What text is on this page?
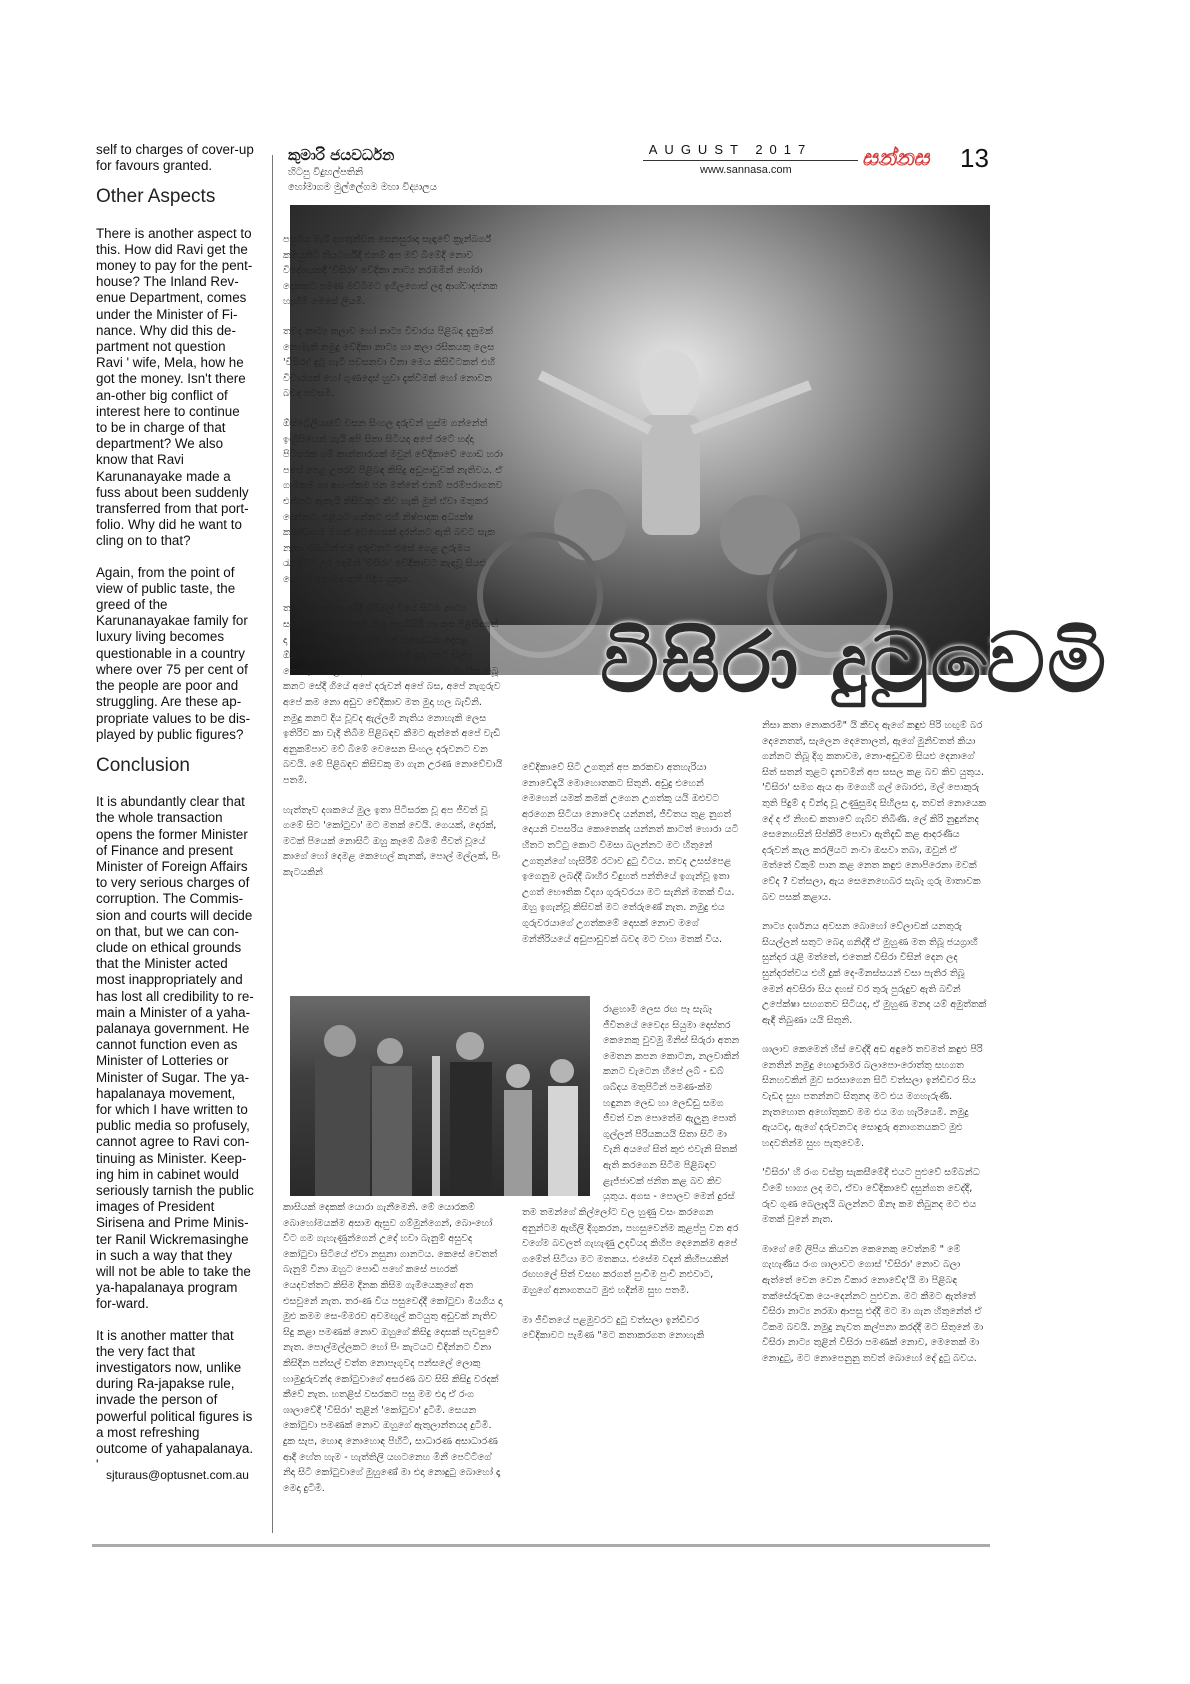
AUGUST 2017
www.sannasa.com	සන්නස 13

self to charges of cover-up for favours granted.

Other Aspects

There is another aspect to this. How did Ravi get the money to pay for the pent-house? The Inland Rev-enue Department, comes under the Minister of Fi-nance. Why did this de-partment not question Ravi ' wife, Mela, how he got the money. Isn't there an-other big conflict of interest here to continue to be in charge of that department? We also know that Ravi Karunanayake made a fuss about been suddenly transferred from that port-folio. Why did he want to cling on to that?

Again, from the point of view of public taste, the greed of the Karunanayakae family for luxury living becomes questionable in a country where over 75 per cent of the people are poor and struggling. Are these ap-propriate values to be dis-played by public figures?

Conclusion

It is abundantly clear that the whole transaction opens the former Minister of Finance and present Minister of Foreign Affairs to very serious charges of corruption. The Commis-sion and courts will decide on that, but we can con-clude on ethical grounds that the Minister acted most inappropriately and has lost all credibility to re-main a Minister of a yaha-palanaya government. He cannot function even as Minister of Lotteries or Minister of Sugar. The ya-hapalanaya movement, for which I have written to public media so profusely, cannot agree to Ravi con-tinuing as Minister. Keep-ing him in cabinet would seriously tarnish the public images of President Sirisena and Prime Minis-ter Ranil Wickremasinghe in such a way that they will not be able to take the ya-hapalanaya program for-ward.

It is another matter that the very fact that investigators now, unlike during Ra-japakse rule, invade the person of powerful political figures is a most refreshing outcome of yahapalanaya. '

sjturaus@optusnet.com.au
විසිරා දුටුවෙමි
කුමාරි ජයවර්ධන
හිටපු විදුහල්පතිනි
හෝමාගම මුල්ලේගම මහා විද්‍යාලය

පසුගිය මැයි දහතුන්වන සෙනසුරාදා සැඳෑවේ ක්‍රැන්බර්ග් කමියුනිටි තියටර්හිදී එනම් අප මව් බිමේදී නොව විදේශයකදී 'විසිරා' වේදිකා නාට්‍ය නරඹමින් හෝරා දෙකකට පමණ මව්බිමට ඉගිලගොස් ලද ආශ්වාදජනක හැඟීම් මෙසේ ලියමි.

තවද නාට්‍ය කලාව හෝ නාට්‍ය විචාරය පිළිබඳ දැනුමක් නොමැති නමුදු වේදිකා නාට්‍ය හා කලා රසිකයකු ලෙස 'විසිරා' දුටු හැටි පවසනවා විනා මෙය කිසිවිටකත් එහි විචාරයක් හෝ ගුණදොස් හුවා දැක්වීමක් හෝ නොවන බවද පවසමි.

ඕස්ට්‍රේලියාවේ වසන සිංහල දරුවන් හුස්ම ගන්නේත් ඉංග්‍රීසියෙන් යැයි අපි සිතා සිටියද අපේ රටේ හද්දා පිටිසරක ගම් කාන්තාරයක් මවුන් වේදිකාවේ ගොඩ හරා පසේ පෙළ උපරව පිළිබඳ කිසිදු අඩුපාඩුවක් නැතිවය. ඒ ගැමිකම හා අඟ-ප්කම ජන මත්තේ එනම් පරම්පරාගතව එන්නට ඇතැයි කිසිවකුට කිව හැකි මුත් ඒවා මතුකර දෙන්නට, එළියට ගන්නට එහි නිෂ්පාදක අධ්‍යක්ෂ කණ්ඩායම මහත් වෙහෙසක් දරන්නට ඇති බවට සැක නැත. එබැවින් එම දරුවනට එසේ ගෙළ උරුමය රැකදීමට උර දෙමින් 'විසිරා' වේදිකාවට කැඳවූ සියළු දෙනාට නොමඳ තුති පිදිය යුතුය.

තවද අප දන්නා පරිදි හිරිමල් වියේ සිටම නාට්‍ය සම්මානයන්ට හිමිකම් කියූ කුසුම්සිරි හා කුස පිළිසිඳගත් දා සිටම වේදිකාවේ හුස්ම ගත් යශෝධරා දෙපළ ඕස්ට්‍රේලියාවේ පදිංචි වී මව්බිමේ දරුවනට සිල්ප නොමැරට බලවත් අසාධාරණයක් කරනවා මා සිත තිබූ කනට සේදී ගියේ අපේ දරුවන් අපේ බස, අපේ නැගුරුව අපේ කම නො අඩුව වේදිකාව මත මුදා හල බැවිනි. නමුදු කනට දිය වූවද ඇල්ලමී නැතිය නොහැකි ලෙස ඉතිරිව කා වැදී තිබීම පිළිබඳව කීමට ඇත්තේ අපේ වැඩි අනුකම්පාව මව් බිමේ වෙසෙන සිංහල දරුවනට වන බවයි. මේ පිළිබඳව කිසිවකු මා ගැන උරණ නොවේවායි පතමි.

හැත්තෑව දශකයේ මුල ඉතා පිටිසරක වූ අප ජීවත් වූ ගමේ සිට 'කෝටුවා' මට මතක් වෙයි. ගෙයක්, දොරක්, මටක් පියෙක් නොසිටි ඔහු කෑමේ බීමේ ජීවත් වූයේ කාගේ හෝ දෙමළ කෙහෙල් කැනක්, පොල් මල්ලක්, පිං කැටයකින්

කාසියක් දෙකක් යොරා ගැනීමෙනි. මේ යොරකම් බොහෝමයක්ම අසාම ඇසුව ගම්මුන්ගෙන්, බො-හෝ විට ගම ගැහැණුන්ගෙන් උදේ හවා බැනුම් අසුවද කෝටුවා සිටියේ ඒවා නසුනා ගානටය. කෙසේ වෙතත් බැනුම් විනා ඔහුට පොඩි පහේ කසේ පහරක් යෙදවත්තට කිසිම දිනක කිසිම ගැමියෙකුගේ අත එසවුනේ නැත. තරංණ විය පසුවෙද්දී කෝටුවා මියගිය දා මුළු කමම සෙ-ම්මරව අවමඟුල් කටයුතු අඩුවක් නැතිව සිදු කළා පමණක් නොව ඔහුගේ කිසිදු දොසක් පැවසුවේ නැත. පොල්මල්ලකට හෝ පිං කැටයට චිදින්නට විනා කිසිදින පන්සල් වත්ත නොපෑගූවද පන්සලේ ලොකු හාමුදුරුවන්ද කෝටුවාගේ අසරණ බව සිසි කිසිදු වරදක් කීවේ නැත. හතළිස් වසරකට පසු මම එදා ඒ රංග ශාලාවේදී 'විසිරා' තුළින් 'කෝටුවා' දුටිමි. සෙයන කෝටුවා පමණක් නොව ඔහුගේ ඇතුලාන්තයද දුටිමි. දුක සැප, හොඳ නොහොඳ පිහිටි, සාධාරණ අසාධාරණ ආදී හේත හැම - හැත්තිලි යහටනෙහ මිනී පෙට්ටිගේ නිදා සිටි කෝටුවාගේ මුහුණේ මා එදා නොදුටු බොහෝ දෑ මෙදා දුටිමි.

වේදිකාවේ සිටි උගතුන් අප කරකවා අතහැරියා නොවේදැයි මොහොතකට සිතුනි. අඩුදු එහෙන් මෙහෙන් යමක් කමක් උගෙන උගත්කු යයි ඔළුවට අරගෙන සිටියා නොවේද යන්නත්, ජීවිතය තුළ නුගත් දොයනි වපසරිය කොතෙක්ද යන්නත් කාටත් හොරා යටි හිතට තට්ටු කොට විමසා බලන්නට මට හිතුනේ උගතුන්ගේ හැසිරීම් රටාව දුටු විටය. තවද උසස්පෙළ ඉගෙනුම ලබද්දී බාහිර විදුහත් පන්තියේ ඉගැන්වූ ඉතා උගත් භෞතික විද්‍යා ගුරුවරයා මට සැනින් මතක් විය. ඔහු ඉගැන්වූ කිසිවක් මට තේරුණේ නැත. නමුදු එය ගුරුවරයාගේ උගත්කමේ දොසක් නොව මගේ මන්තීරියයේ අඩුපාඩුවක් බවද මට වහා මතක් විය.

රාළහාමි ලෙස රඟ පෑ සැබෑ ජීවිතයේ වෛද්‍ය සියුමා දොස්තර කෙනෙකු වුවමු මිනිස් සිරුරා අතන මෙතන කපන කොටන, නලවාකින් කනට වැටෙන හීපේ ලබ් - ඩබ් ශබ්දය මතුපිටින් පමණ-ක්ම හඳුනන ලෙඩ හා ලෙඩ්ඩු සමග ජීවත් වන පොතේම ඇලුනු පොත් ගුල්ලන් පිරියකයයි සිතා සිටි මා වැනි අයගේ සිත් කුළු එවැනි සිතක් ඇති කරගෙන සිටීම පිළිබඳව ළැජ්ජාවක් ජනිත කළ බව කිව යුතුය. අගස - පොලව මෙන් දුරස්

තම තමන්ගේ කිල්ලෝට වල හුණු වසං කරගෙන අනුන්ටම ඇඟිලි දිගුකරන, පහසුවෙන්ම කුළප්පු වන අර වගේම බවලත් ගැහැණු උදවියද කිහිප දෙනෙක්ම අපේ ගමේත් සිටියා මට මතකය. එසේම වදන් කිහිපයකින් රඟහලේ සිත් වසඟ කරගත් පුංචිම පුංචි නළුවාට, ඔහුගේ අනාගතයට මුළු හදින්ම සුභ පතමි.

මා ජීවිතයේ පළමුවරට දුටු වත්සලා ඉන්ඩිවර වේදිකාවට පැමිණ "මට කතාකරගත නොහැකි

නිසා කතා නොකරමි" යි කීවද ඇගේ කඳුළු පිරි හඟුම් බර දෙනෙතත්, සැලෙන දෙතොලත්, ඇගේ මුනිවතත් කියා ගන්නට තිබූ දිගු කතාවම, නො-අඩුවම සියළු දෙනාගේ සිත් සතන් තුළට දැනවමින් අප සසල කළ බව කිව යුතුය. 'විසිරා' සමග ඇය ආ මගෙහි ගල් බොරළු, මල් පොකුරු තුති පිදුම් ද වින්දා වූ උණුසුමද සිහිලස ද, තවත් නොයෙක දේ ද ඒ නිහඬ කතාවේ ගැබ්ව තිබිණි. ලේ කිරි නුඳුන්නද සෙනෙහසින් සිප්කිරි පොවා ඇතිදැඩි කළ ආදරණීය දරුවන් කැල කරලියට නංවා ඔසවා තබා, ඔවුන් ඒ මත්තේ විකුම් පාන කළ නෙත කඳුළු නොපිරෙනා මවක් වේද ? වත්සලා, ඇය සෙනෙහෙබර සැබෑ ගුරු මාතාවක බව පසක් කළාය.

නාට්‍ය දර්ශනය අවසන බොහෝ වේලාවක් යනතුරු සියල්ලන් සතුට බෙදා ගනිද්දී ඒ මුහුණ මත තිබූ ජයග්‍රාහී සුන්දර රැළි මත්තේ, එතෙක් විසිරා විසින් දෙන ලද සුන්දරත්වය එහි දුක් දෙ-මිනස්සයන් වසා පැතිර තිබූ මෙන් අවසිරා සිය දහස් වර තුරු පුරුදුව ඇති බවින් උපේක්ෂා සහගතව සිටියද, ඒ මුහුණ මනද යම් අමුත්තක් ඇඳී තිබුණා යයි සිතුනි.

ශාලාව කෙමෙන් හිස් වෙද්දී අඩ අඳුරේ තවමත් කඳුළු පිරි නෙතින් නමුදු හොඳුරාමර බලාපො-රොත්තු සහගත සිනහවකින් මුව සරසාගෙන සිටි වත්සලා ඉන්ඩිවර සිය වැඩද සුභ පතන්නට සිතුනද මට එය මගහැරුණි. නැතහොත අහෝතුකව මම එය මග හැරියෙමි. නමුදු ඇයටද, ඇගේ දරුවනටද සොඳුරු අනාගතයකට මුළු හදවතින්ම සුභ පැතුවෙමි.

'විසිරා' හි රංග වස්ත්‍ර සැකසීමේදී එයට පුළුවේ සම්බන්ධ වීමේ භාග්‍ය ලද මට, ඒවා වේදිකාවේ දසුන්ගත වෙද්දී, රුව ගුණ බෙලෑදැයි බලන්නට ඕනෑ කම තිබුනද මට එය මතක් වුනේ නැත.

මාගේ මේ ලිපිය කියවන කෙනෙකු වෙත්නම් " මේ ගැහැණිය රංග ශාලාවට ගොස් 'විසිරා' නොව බලා ඇත්තේ වෙන වෙන විකාර නොවේද'යි මා පිළිබඳ තක්සේරුවක යෙ-දෙන්නට පුළුවන. මට කීමට ඇත්තේ විසිරා නාට්‍ය නරඹා ආපසු එද්දී මට මා ගැන හිතුනේත් ඒ ටිකම බවයි. නමුදු නැවත කල්පනා කරද්දී මට සිතුනේ මා විසිරා නාට්‍ය තුළින් විසිරා පමණක් නොව, මෙතෙක් මා නොදුටු, මට නොපෙනුනු තවත් බොහෝ දේ දුටු බවය.
